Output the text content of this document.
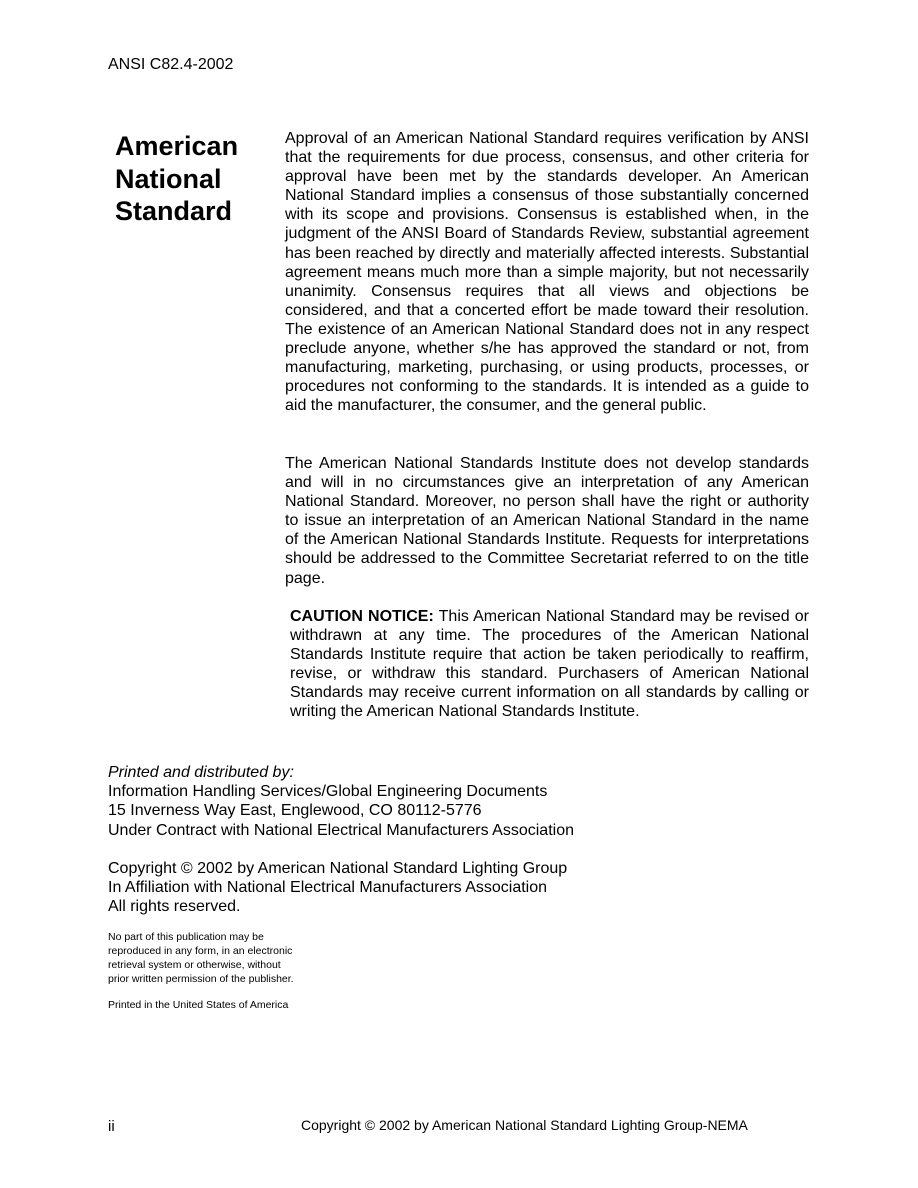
ANSI C82.4-2002
American
National
Standard

Approval of an American National Standard requires verification by ANSI that the requirements for due process, consensus, and other criteria for approval have been met by the standards developer. An American National Standard implies a consensus of those substantially concerned with its scope and provisions. Consensus is established when, in the judgment of the ANSI Board of Standards Review, substantial agreement has been reached by directly and materially affected interests. Substantial agreement means much more than a simple majority, but not necessarily unanimity. Consensus requires that all views and objections be considered, and that a concerted effort be made toward their resolution. The existence of an American National Standard does not in any respect preclude anyone, whether s/he has approved the standard or not, from manufacturing, marketing, purchasing, or using products, processes, or procedures not conforming to the standards. It is intended as a guide to aid the manufacturer, the consumer, and the general public.

The American National Standards Institute does not develop standards and will in no circumstances give an interpretation of any American National Standard. Moreover, no person shall have the right or authority to issue an interpretation of an American National Standard in the name of the American National Standards Institute. Requests for interpretations should be addressed to the Committee Secretariat referred to on the title page.

CAUTION NOTICE: This American National Standard may be revised or withdrawn at any time. The procedures of the American National Standards Institute require that action be taken periodically to reaffirm, revise, or withdraw this standard. Purchasers of American National Standards may receive current information on all standards by calling or writing the American National Standards Institute.

Printed and distributed by:
Information Handling Services/Global Engineering Documents
15 Inverness Way East, Englewood, CO 80112-5776
Under Contract with National Electrical Manufacturers Association
Copyright © 2002 by American National Standard Lighting Group
In Affiliation with National Electrical Manufacturers Association
All rights reserved.
No part of this publication may be
reproduced in any form, in an electronic
retrieval system or otherwise, without
prior written permission of the publisher.
Printed in the United States of America
ii	Copyright © 2002 by American National Standard Lighting Group-NEMA
